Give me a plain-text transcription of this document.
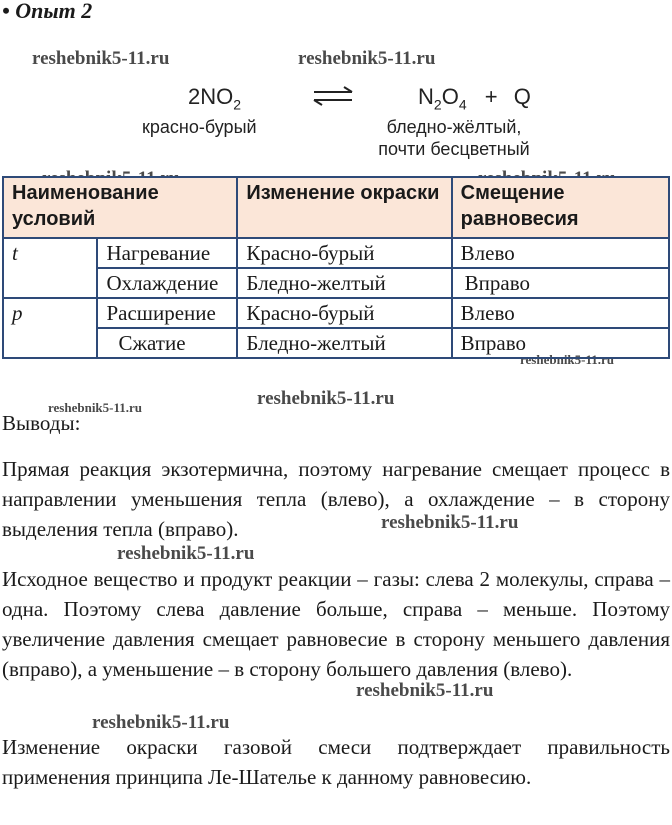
• Опыт 2
reshebnik5-11.ru	reshebnik5-11.ru
reshebnik5-11.ru
reshebnik5-11.ru	reshebnik5-11.ru
reshebnik5-11.ru
reshebnik5-11.ru
reshebnik5-11.ru
reshebnik5-11.ru
$2NO_2$	$N_2O_4 + Q$
красно-бурый	бледно-жёлтый,
почти бесцветный
Наименование условий		Изменение окраски	Смещение равновесия
t	Нагревание	Красно-бурый	Влево
	Охлаждение	Бледно-желтый	Вправо
p	Расширение	Красно-бурый	Влево
	Сжатие	Бледно-желтый	Вправо
Выводы:

Прямая реакция экзотермична, поэтому нагревание смещает процесс в направлении уменьшения тепла (влево), а охлаждение – в сторону выделения тепла (вправо).

Исходное вещество и продукт реакции – газы: слева 2 молекулы, справа – одна. Поэтому слева давление больше, справа – меньше. Поэтому увеличение давления смещает равновесие в сторону меньшего давления (вправо), а уменьшение – в сторону большего давления (влево).

Изменение окраски газовой смеси подтверждает правильность применения принципа Ле-Шателье к данному равновесию.
